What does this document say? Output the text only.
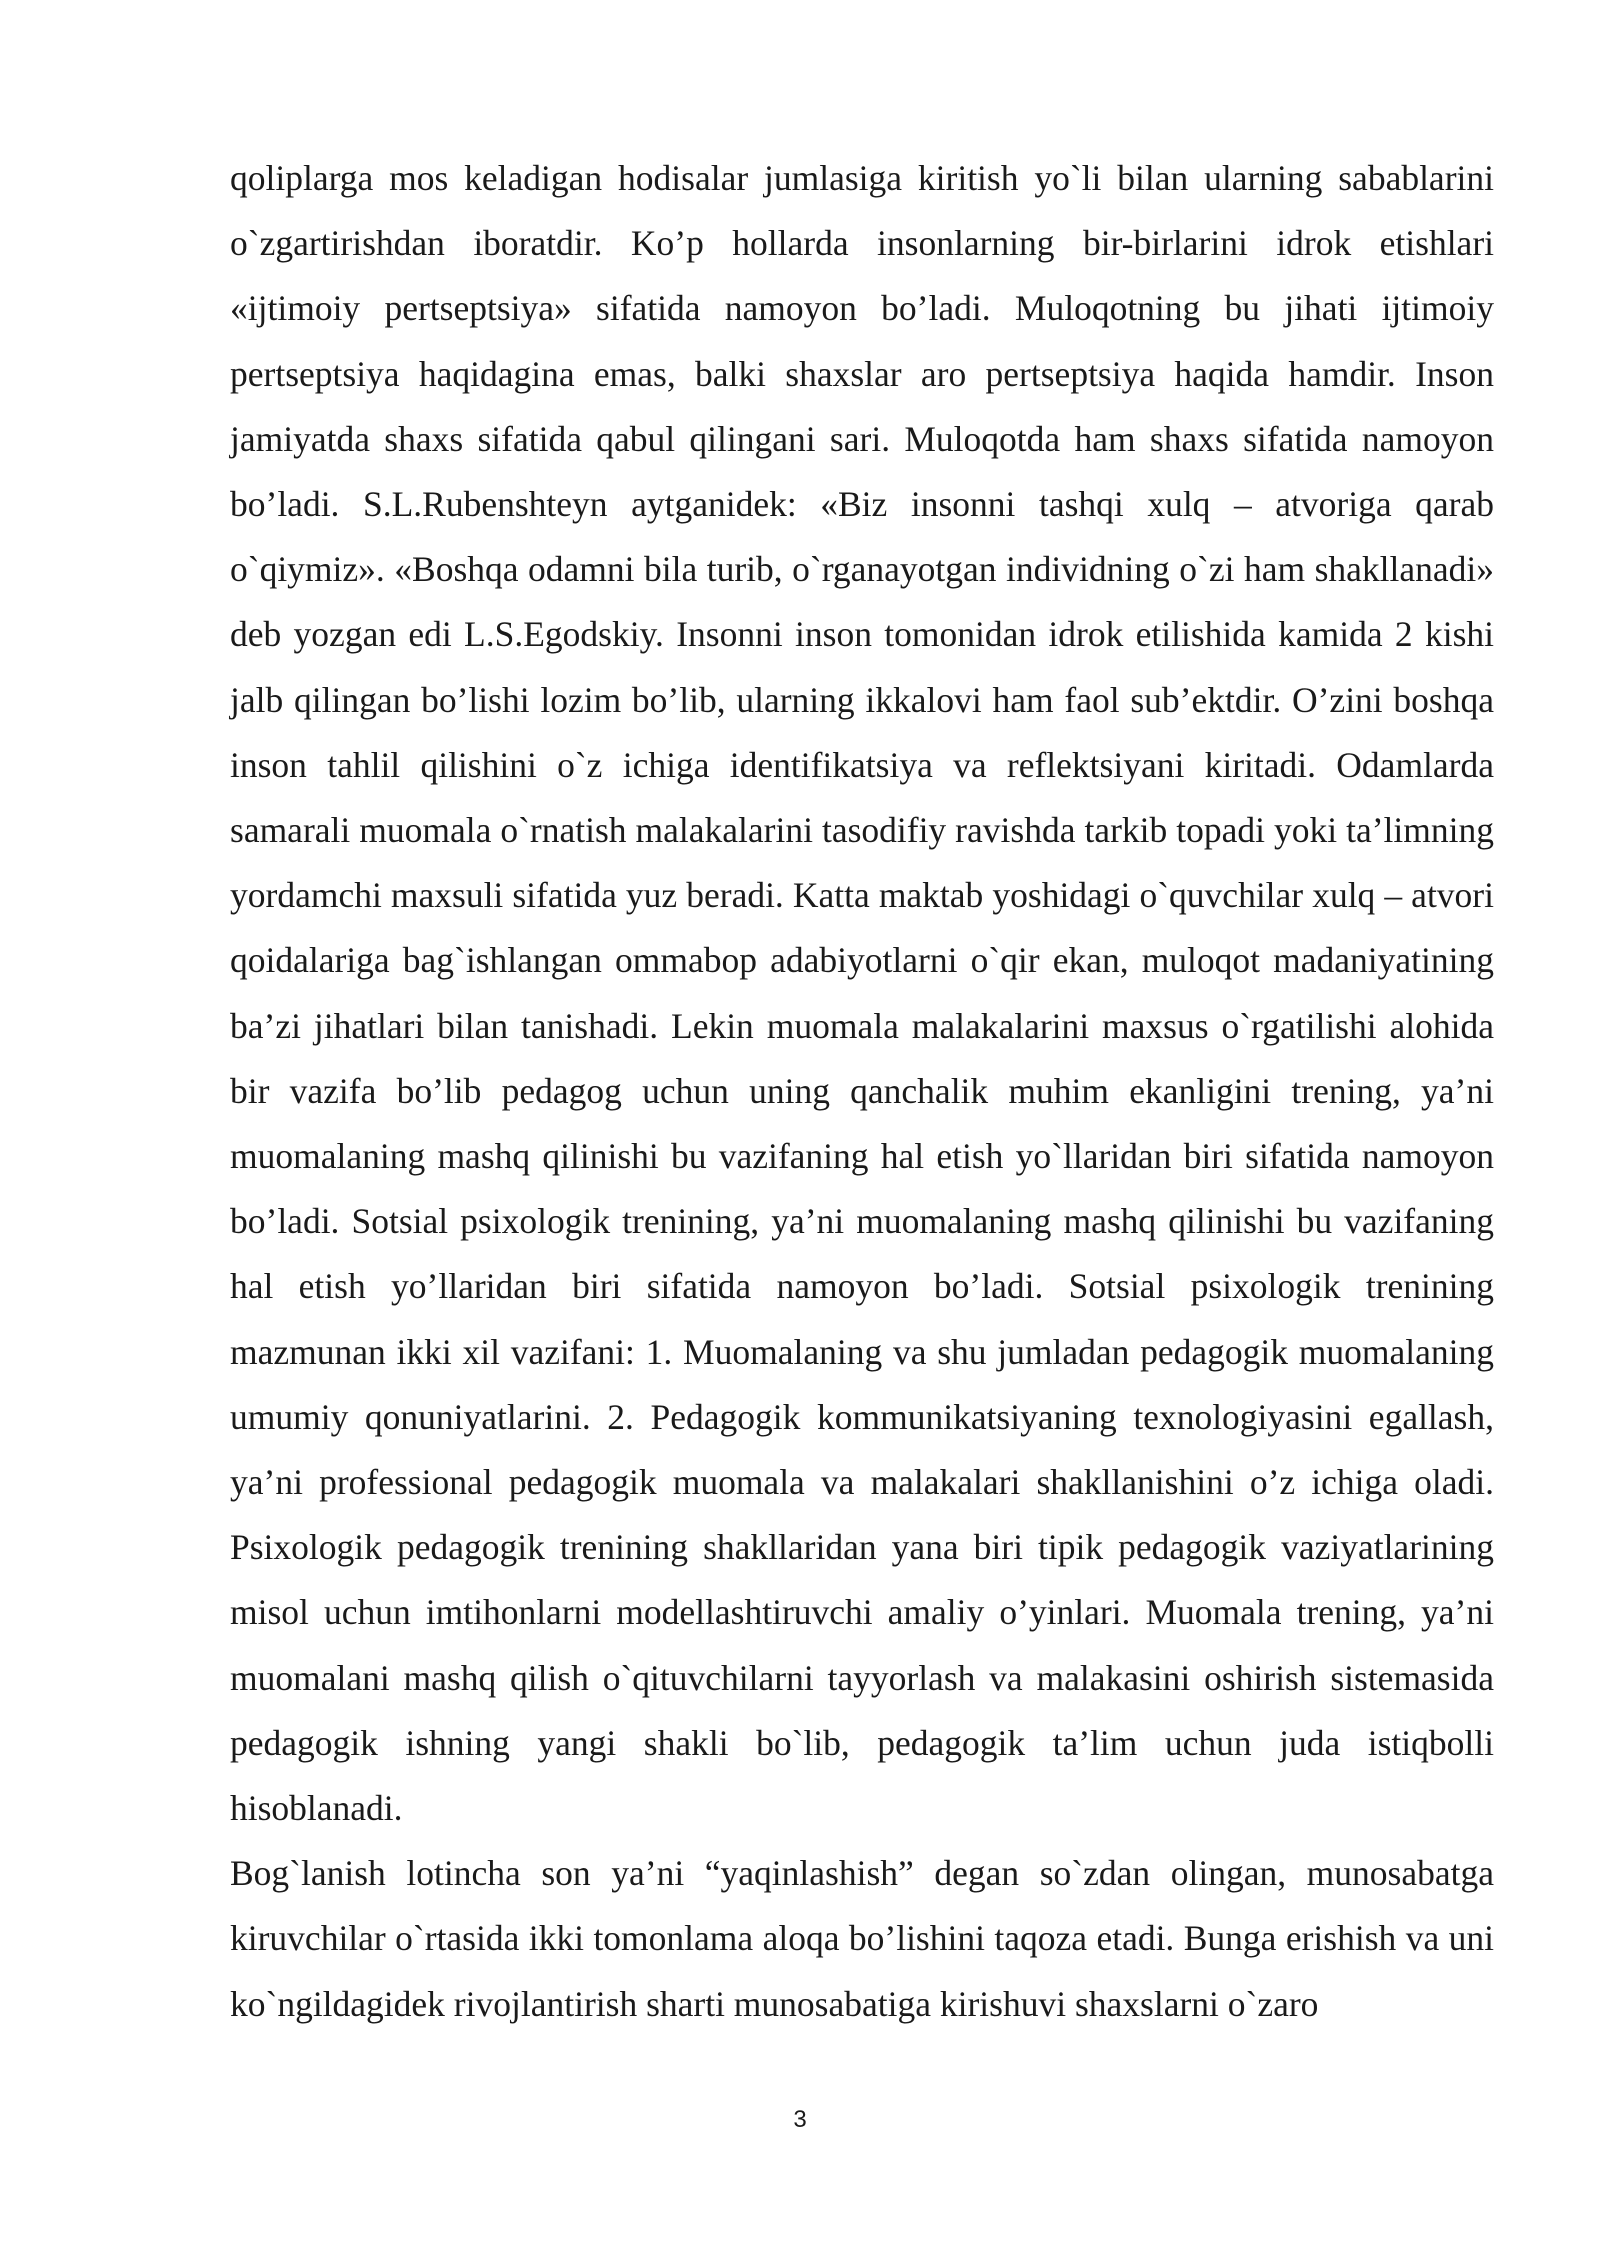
qoliplarga mos keladigan hodisalar jumlasiga kiritish yo`li bilan ularning sabablarini o`zgartirishdan iboratdir. Ko’p hollarda insonlarning bir-birlarini idrok etishlari «ijtimoiy pertseptsiya» sifatida namoyon bo’ladi. Muloqotning bu jihati ijtimoiy pertseptsiya haqidagina emas, balki shaxslar aro pertseptsiya haqida hamdir. Inson jamiyatda shaxs sifatida qabul qilingani sari. Muloqotda ham shaxs sifatida namoyon bo’ladi. S.L.Rubenshteyn aytganidek: «Biz insonni tashqi xulq – atvoriga qarab o`qiymiz». «Boshqa odamni bila turib, o`rganayotgan individning o`zi ham shakllanadi» deb yozgan edi L.S.Egodskiy. Insonni inson tomonidan idrok etilishida kamida 2 kishi jalb qilingan bo’lishi lozim bo’lib, ularning ikkalovi ham faol sub’ektdir. O’zini boshqa inson tahlil qilishini o`z ichiga identifikatsiya va reflektsiyani kiritadi. Odamlarda samarali muomala o`rnatish malakalarini tasodifiy ravishda tarkib topadi yoki ta’limning yordamchi maxsuli sifatida yuz beradi. Katta maktab yoshidagi o`quvchilar xulq – atvori qoidalariga bag`ishlangan ommabop adabiyotlarni o`qir ekan, muloqot madaniyatining ba’zi jihatlari bilan tanishadi. Lekin muomala malakalarini maxsus o`rgatilishi alohida bir vazifa bo’lib pedagog uchun uning qanchalik muhim ekanligini trening, ya’ni muomalaning mashq qilinishi bu vazifaning hal etish yo`llaridan biri sifatida namoyon bo’ladi. Sotsial psixologik trenining, ya’ni muomalaning mashq qilinishi bu vazifaning hal etish yo’llaridan biri sifatida namoyon bo’ladi. Sotsial psixologik trenining mazmunan ikki xil vazifani: 1. Muomalaning va shu jumladan pedagogik muomalaning umumiy qonuniyatlarini. 2. Pedagogik kommunikatsiyaning texnologiyasini egallash, ya’ni professional pedagogik muomala va malakalari shakllanishini o’z ichiga oladi. Psixologik pedagogik trenining shakllaridan yana biri tipik pedagogik vaziyatlarining misol uchun imtihonlarni modellashtiruvchi amaliy o’yinlari. Muomala trening, ya’ni muomalani mashq qilish o`qituvchilarni tayyorlash va malakasini oshirish sistemasida pedagogik ishning yangi shakli bo`lib, pedagogik ta’lim uchun juda istiqbolli hisoblanadi.

Bog`lanish lotincha son ya’ni “yaqinlashish” degan so`zdan olingan, munosabatga kiruvchilar o`rtasida ikki tomonlama aloqa bo’lishini taqoza etadi. Bunga erishish va uni ko`ngildagidek rivojlantirish sharti munosabatiga kirishuvi shaxslarni o`zaro

3
